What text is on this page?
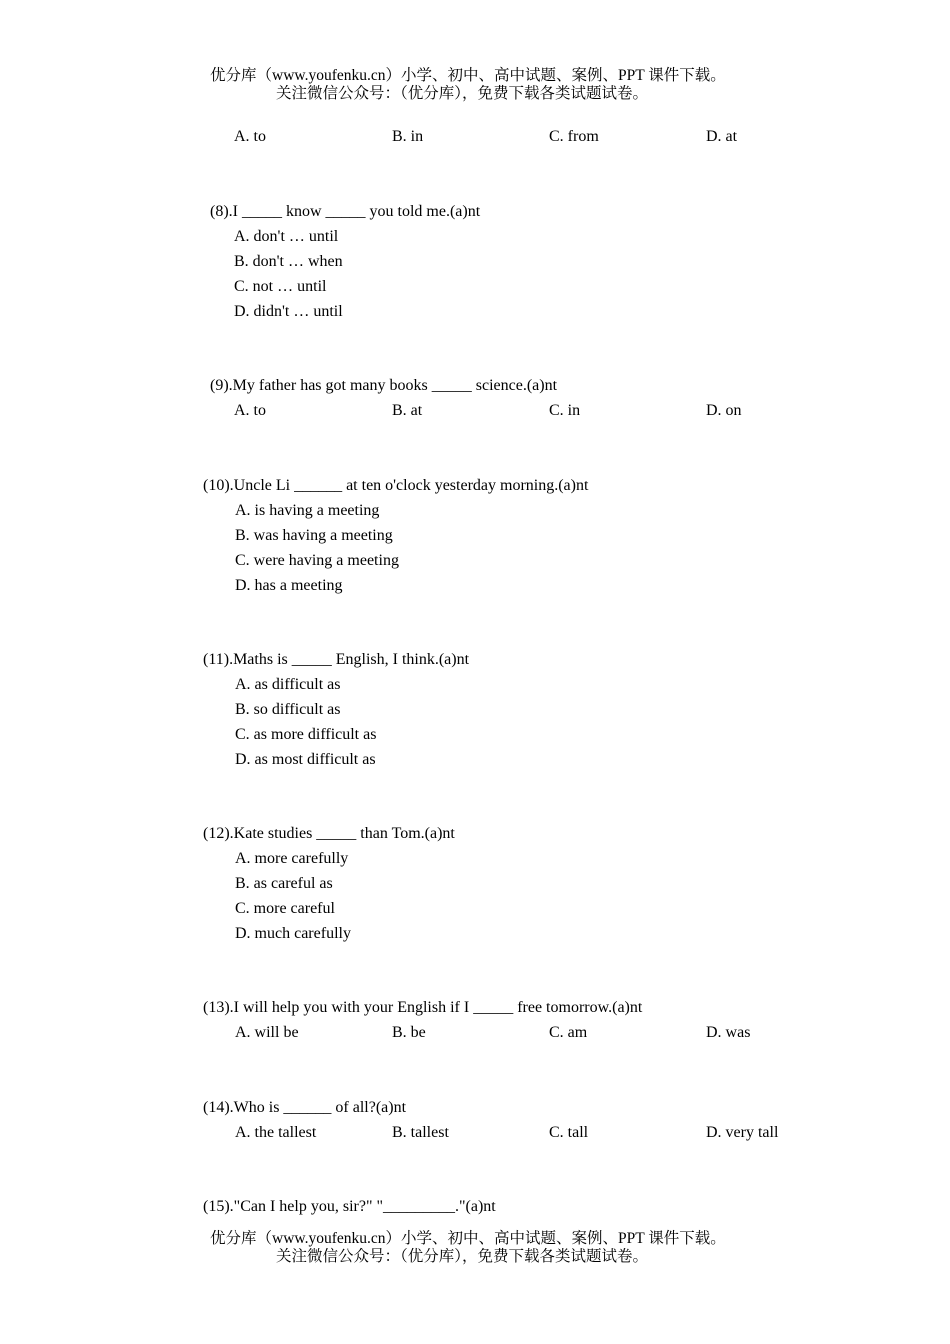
优分库（www.youfenku.cn）小学、初中、高中试题、案例、PPT 课件下载。
关注微信公众号：（优分库），免费下载各类试题试卷。
A. to	B. in	C. from	D. at
(8).I _____ know _____ you told me.(a)nt
A. don't … until
B. don't … when
C. not … until
D. didn't … until
(9).My father has got many books _____ science.(a)nt
A. to	B. at	C. in	D. on
(10).Uncle Li ______ at ten o'clock yesterday morning.(a)nt
A. is having a meeting
B. was having a meeting
C. were having a meeting
D. has a meeting
(11).Maths is _____ English, I think.(a)nt
A. as difficult as
B. so difficult as
C. as more difficult as
D. as most difficult as
(12).Kate studies _____ than Tom.(a)nt
A. more carefully
B. as careful as
C. more careful
D. much carefully
(13).I will help you with your English if I _____ free tomorrow.(a)nt
A. will be	B. be	C. am	D. was
(14).Who is ______ of all?(a)nt
A. the tallest	B. tallest	C. tall	D. very tall
(15)."Can I help you, sir?" "_________."(a)nt
优分库（www.youfenku.cn）小学、初中、高中试题、案例、PPT 课件下载。
关注微信公众号：（优分库），免费下载各类试题试卷。
